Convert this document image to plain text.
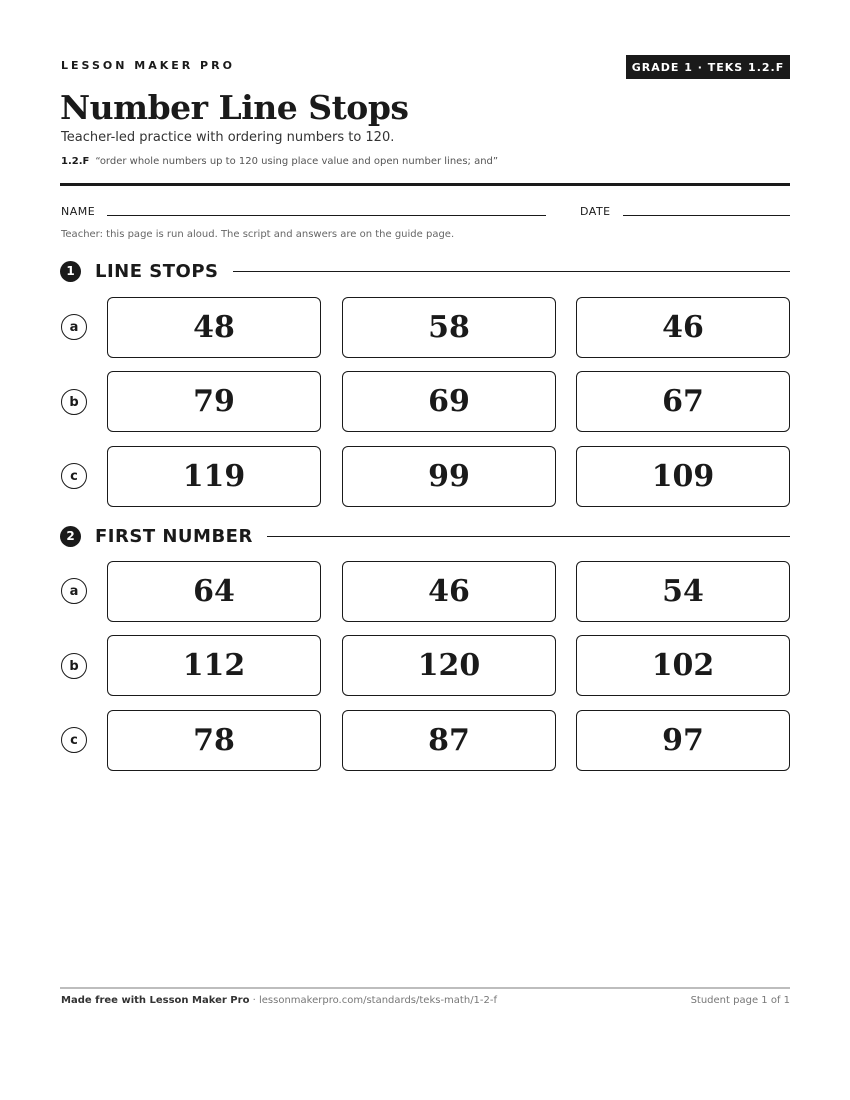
LESSON MAKER PRO	GRADE 1 · TEKS 1.2.F
Number Line Stops
Teacher-led practice with ordering numbers to 120.
1.2.F “order whole numbers up to 120 using place value and open number lines; and”
NAME	DATE
Teacher: this page is run aloud. The script and answers are on the guide page.
1	LINE STOPS
a	48	58	46
b	79	69	67
c	119	99	109
2	FIRST NUMBER
a	64	46	54
b	112	120	102
c	78	87	97
Made free with Lesson Maker Pro · lessonmakerpro.com/standards/teks-math/1-2-f	Student page 1 of 1
